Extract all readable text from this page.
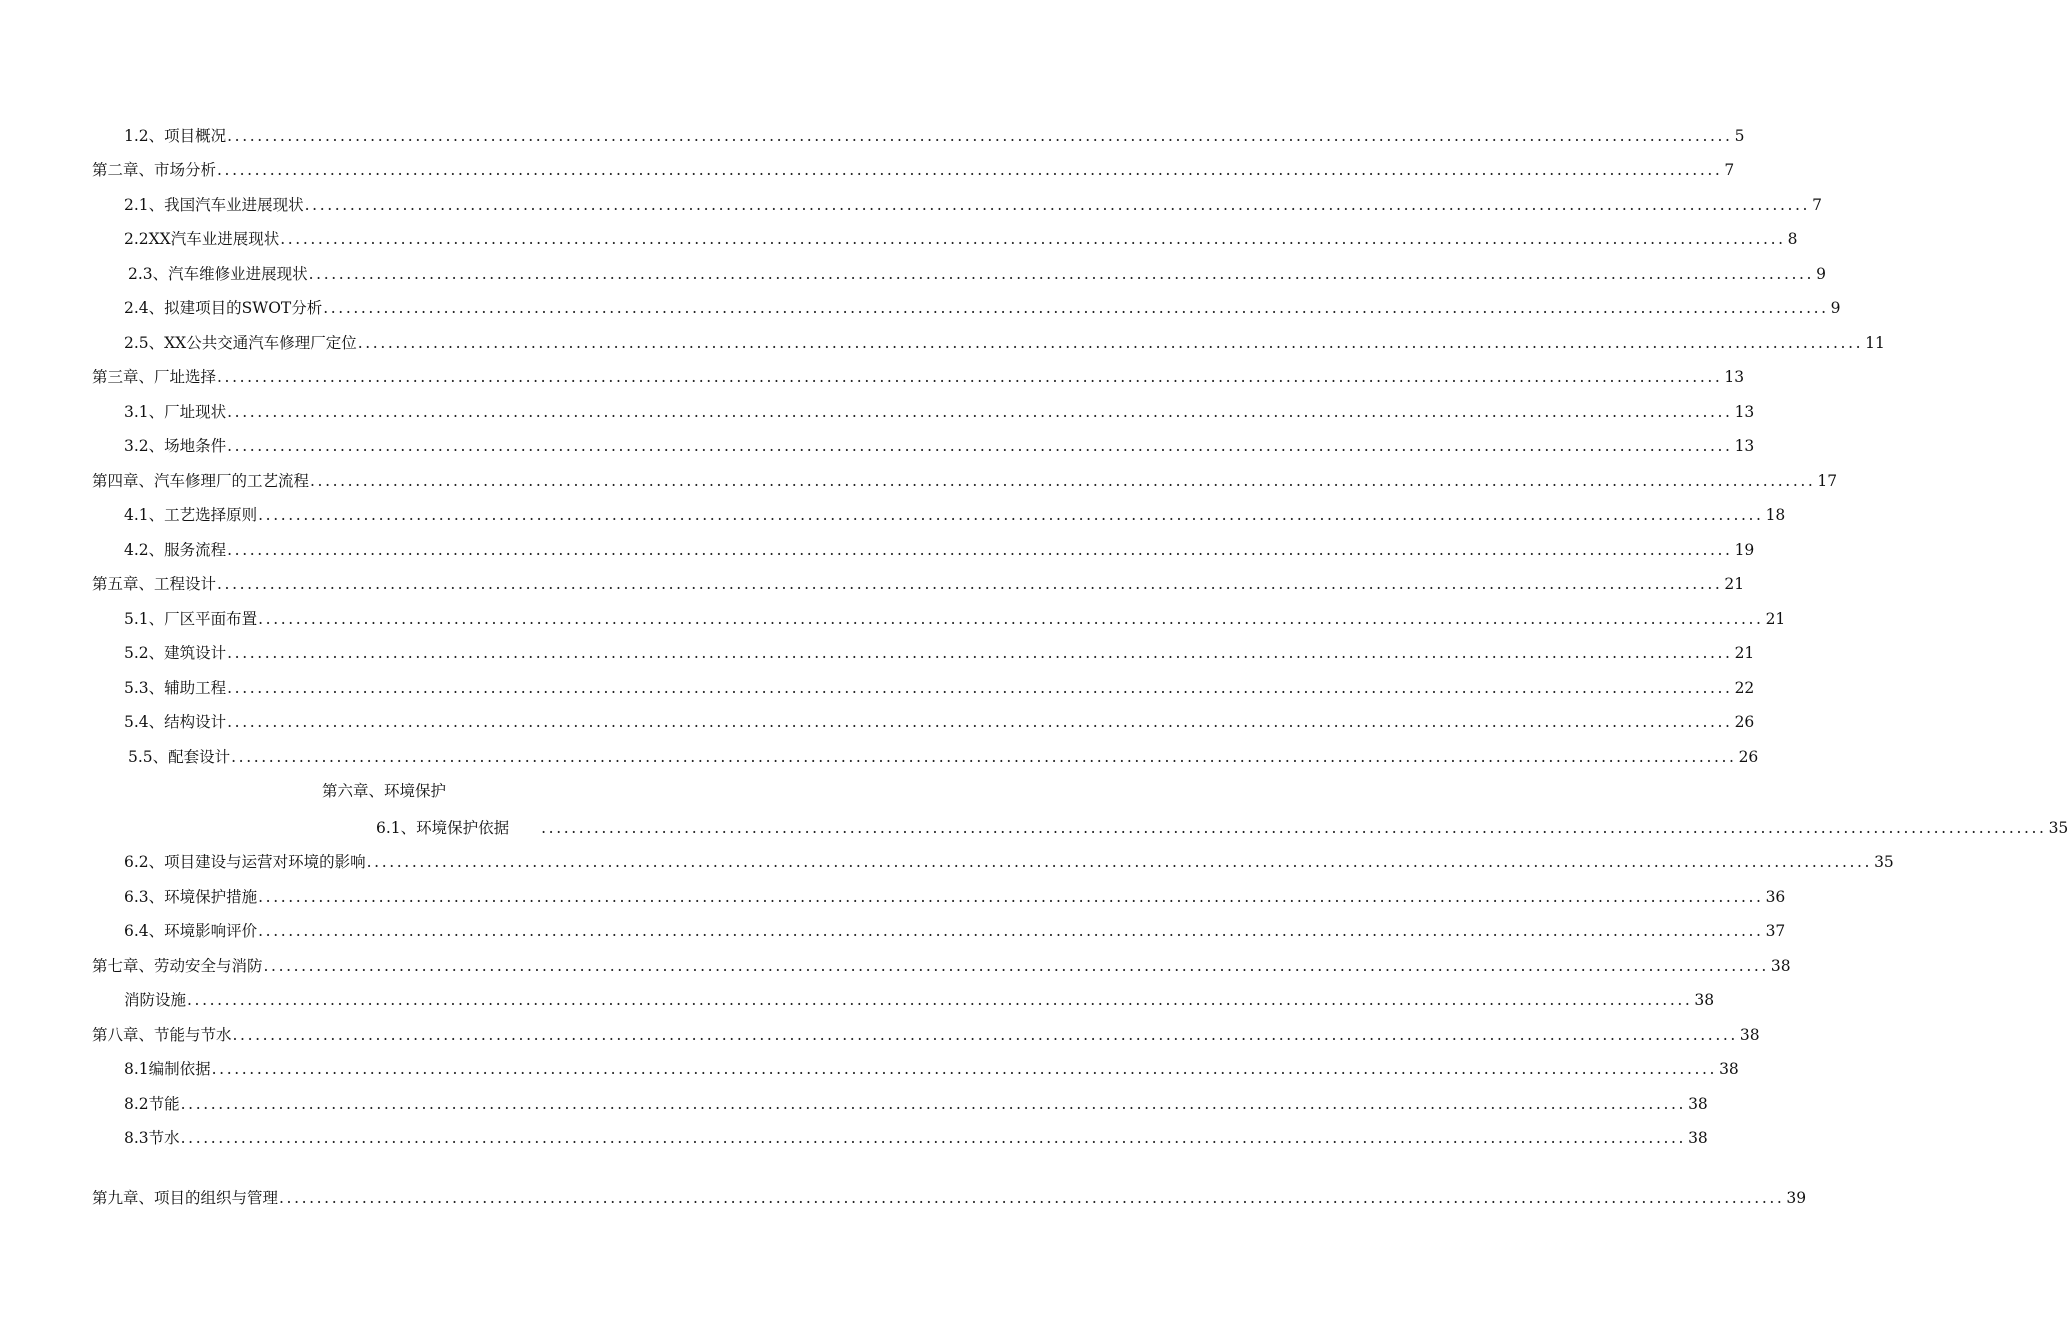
1.2、项目概况 ........................................................................................................................................................................................................ 5
第二章、市场分析 ........................................................................................................................................................................................................ 7
2.1、我国汽车业进展现状 ........................................................................................................................................................................................................ 7
2.2XX汽车业进展现状 ........................................................................................................................................................................................................ 8
2.3、汽车维修业进展现状 ........................................................................................................................................................................................................ 9
2.4、拟建项目的SWOT分析 ........................................................................................................................................................................................................ 9
2.5、XX公共交通汽车修理厂定位 ........................................................................................................................................................................................................ 11
第三章、厂址选择 ........................................................................................................................................................................................................ 13
3.1、厂址现状 ........................................................................................................................................................................................................ 13
3.2、场地条件 ........................................................................................................................................................................................................ 13
第四章、汽车修理厂的工艺流程 ........................................................................................................................................................................................................ 17
4.1、工艺选择原则 ........................................................................................................................................................................................................ 18
4.2、服务流程 ........................................................................................................................................................................................................ 19
第五章、工程设计 ........................................................................................................................................................................................................ 21
5.1、厂区平面布置 ........................................................................................................................................................................................................ 21
5.2、建筑设计 ........................................................................................................................................................................................................ 21
5.3、辅助工程 ........................................................................................................................................................................................................ 22
5.4、结构设计 ........................................................................................................................................................................................................ 26
5.5、配套设计 ........................................................................................................................................................................................................ 26
第六章、环境保护
6.1、环境保护依据 ........................................................................................................................................................................................................ 35
6.2、项目建设与运营对环境的影响 ........................................................................................................................................................................................................ 35
6.3、环境保护措施 ........................................................................................................................................................................................................ 36
6.4、环境影响评价 ........................................................................................................................................................................................................ 37
第七章、劳动安全与消防 ........................................................................................................................................................................................................ 38
消防设施 ........................................................................................................................................................................................................ 38
第八章、节能与节水 ........................................................................................................................................................................................................ 38
8.1编制依据 ........................................................................................................................................................................................................ 38
8.2节能 ........................................................................................................................................................................................................ 38
8.3节水 ........................................................................................................................................................................................................ 38
第九章、项目的组织与管理 ........................................................................................................................................................................................................ 39
